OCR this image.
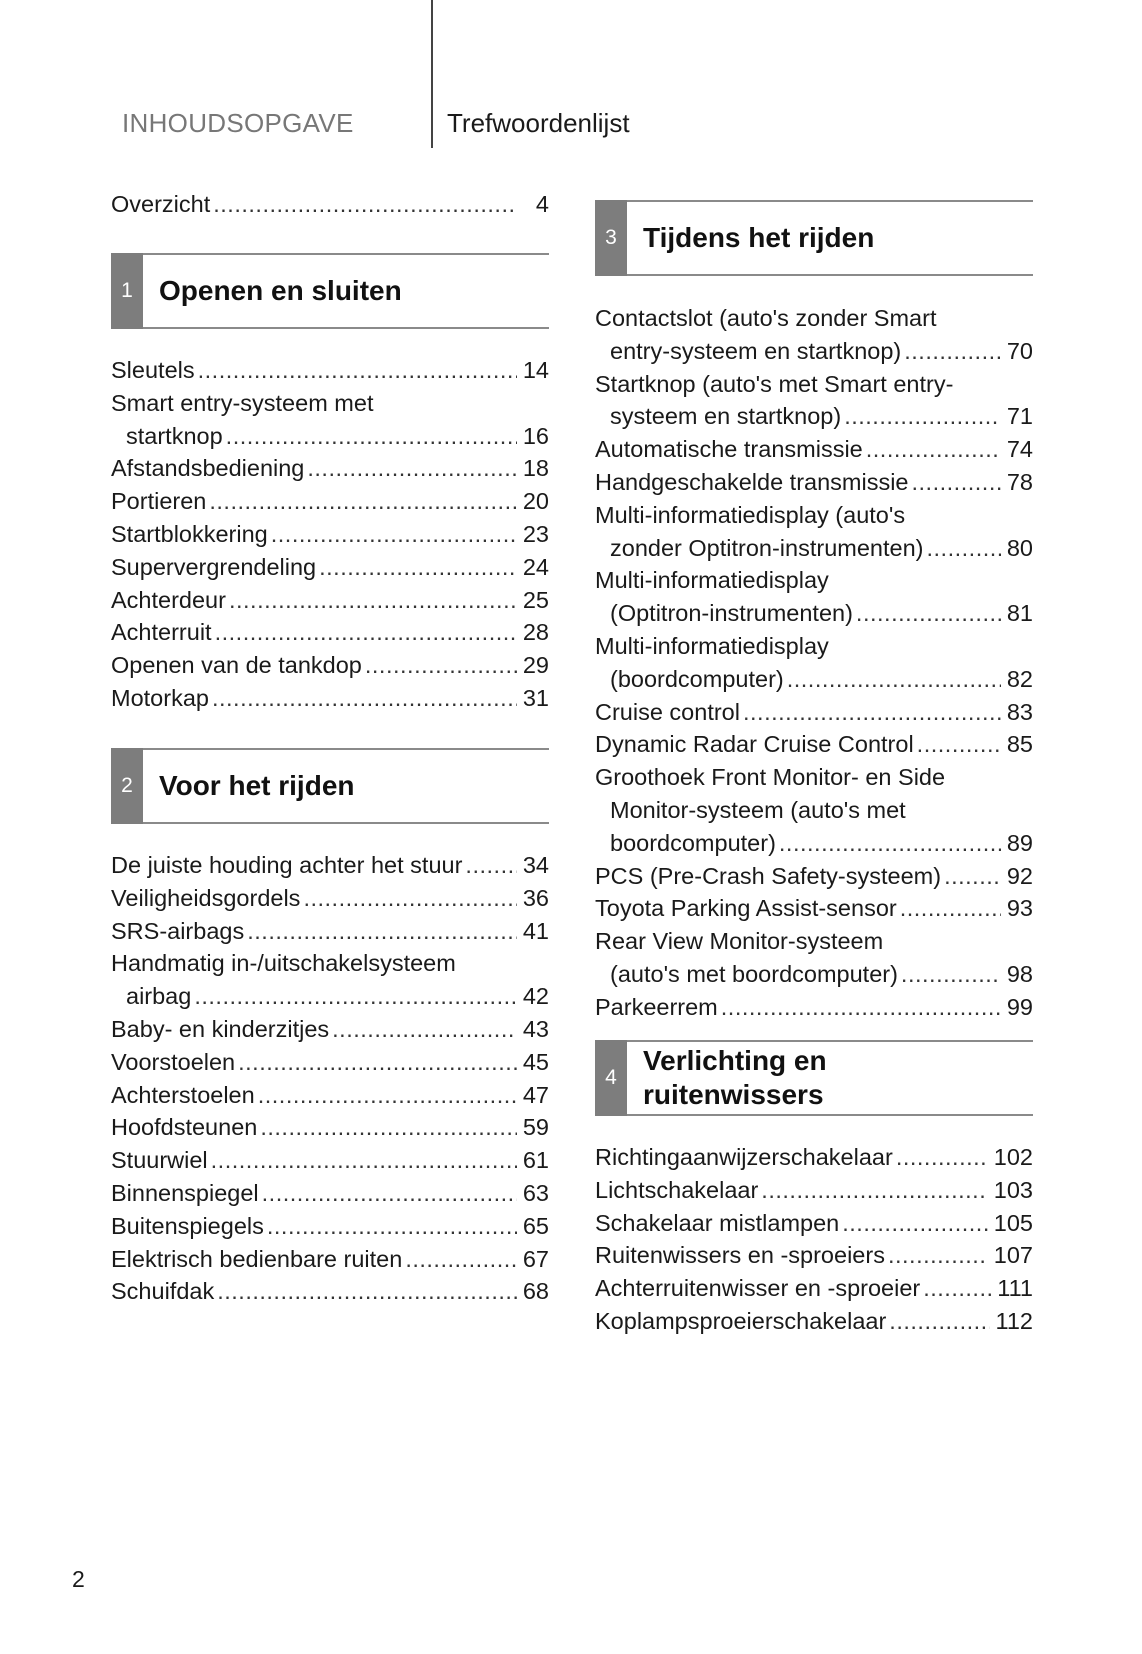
INHOUDSOPGAVE	Trefwoordenlijst
Overzicht .....	4
1 Openen en sluiten
Sleutels .....	14
Smart entry-systeem met
startknop .....	16
Afstandsbediening .....	18
Portieren .....	20
Startblokkering .....	23
Supervergrendeling .....	24
Achterdeur .....	25
Achterruit .....	28
Openen van de tankdop .....	29
Motorkap .....	31
2 Voor het rijden
De juiste houding achter het stuur .....	34
Veiligheidsgordels .....	36
SRS-airbags .....	41
Handmatig in-/uitschakelsysteem
airbag .....	42
Baby- en kinderzitjes .....	43
Voorstoelen .....	45
Achterstoelen .....	47
Hoofdsteunen .....	59
Stuurwiel .....	61
Binnenspiegel .....	63
Buitenspiegels .....	65
Elektrisch bedienbare ruiten .....	67
Schuifdak .....	68
3 Tijdens het rijden
Contactslot (auto's zonder Smart
entry-systeem en startknop) .....	70
Startknop (auto's met Smart entry-
systeem en startknop) .....	71
Automatische transmissie .....	74
Handgeschakelde transmissie .....	78
Multi-informatiedisplay (auto's
zonder Optitron-instrumenten) .....	80
Multi-informatiedisplay
(Optitron-instrumenten) .....	81
Multi-informatiedisplay
(boordcomputer) .....	82
Cruise control .....	83
Dynamic Radar Cruise Control .....	85
Groothoek Front Monitor- en Side
Monitor-systeem (auto's met
boordcomputer) .....	89
PCS (Pre-Crash Safety-systeem) .....	92
Toyota Parking Assist-sensor .....	93
Rear View Monitor-systeem
(auto's met boordcomputer) .....	98
Parkeerrem .....	99
4
Verlichting en
ruitenwissers
Richtingaanwijzerschakelaar .....	102
Lichtschakelaar .....	103
Schakelaar mistlampen .....	105
Ruitenwissers en -sproeiers .....	107
Achterruitenwisser en -sproeier .....	111
Koplampsproeierschakelaar .....	112
2
